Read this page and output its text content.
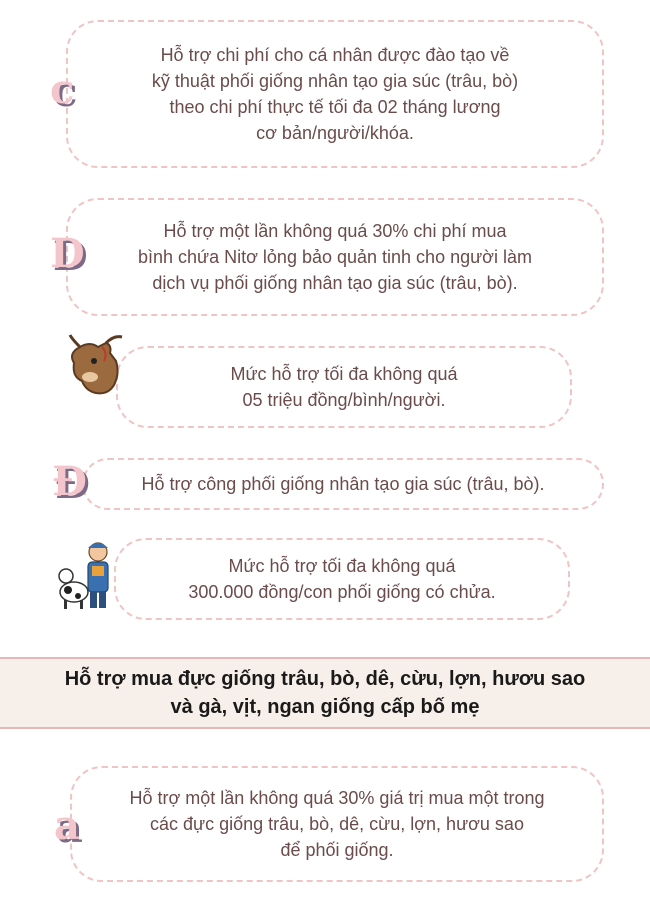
Hỗ trợ chi phí cho cá nhân được đào tạo về
kỹ thuật phối giống nhân tạo gia súc (trâu, bò)
theo chi phí thực tế tối đa 02 tháng lương
cơ bản/người/khóa.
c
Hỗ trợ một lần không quá 30% chi phí mua
bình chứa Nitơ lỏng bảo quản tinh cho người làm
dịch vụ phối giống nhân tạo gia súc (trâu, bò).
D
Mức hỗ trợ tối đa không quá
05 triệu đồng/bình/người.
Hỗ trợ công phối giống nhân tạo gia súc (trâu, bò).
Ð
Mức hỗ trợ tối đa không quá
300.000 đồng/con phối giống có chửa.
Hỗ trợ mua đực giống trâu, bò, dê, cừu, lợn, hươu sao
và gà, vịt, ngan giống cấp bố mẹ
Hỗ trợ một lần không quá 30% giá trị mua một trong
các đực giống trâu, bò, dê, cừu, lợn, hươu sao
để phối giống.
a
